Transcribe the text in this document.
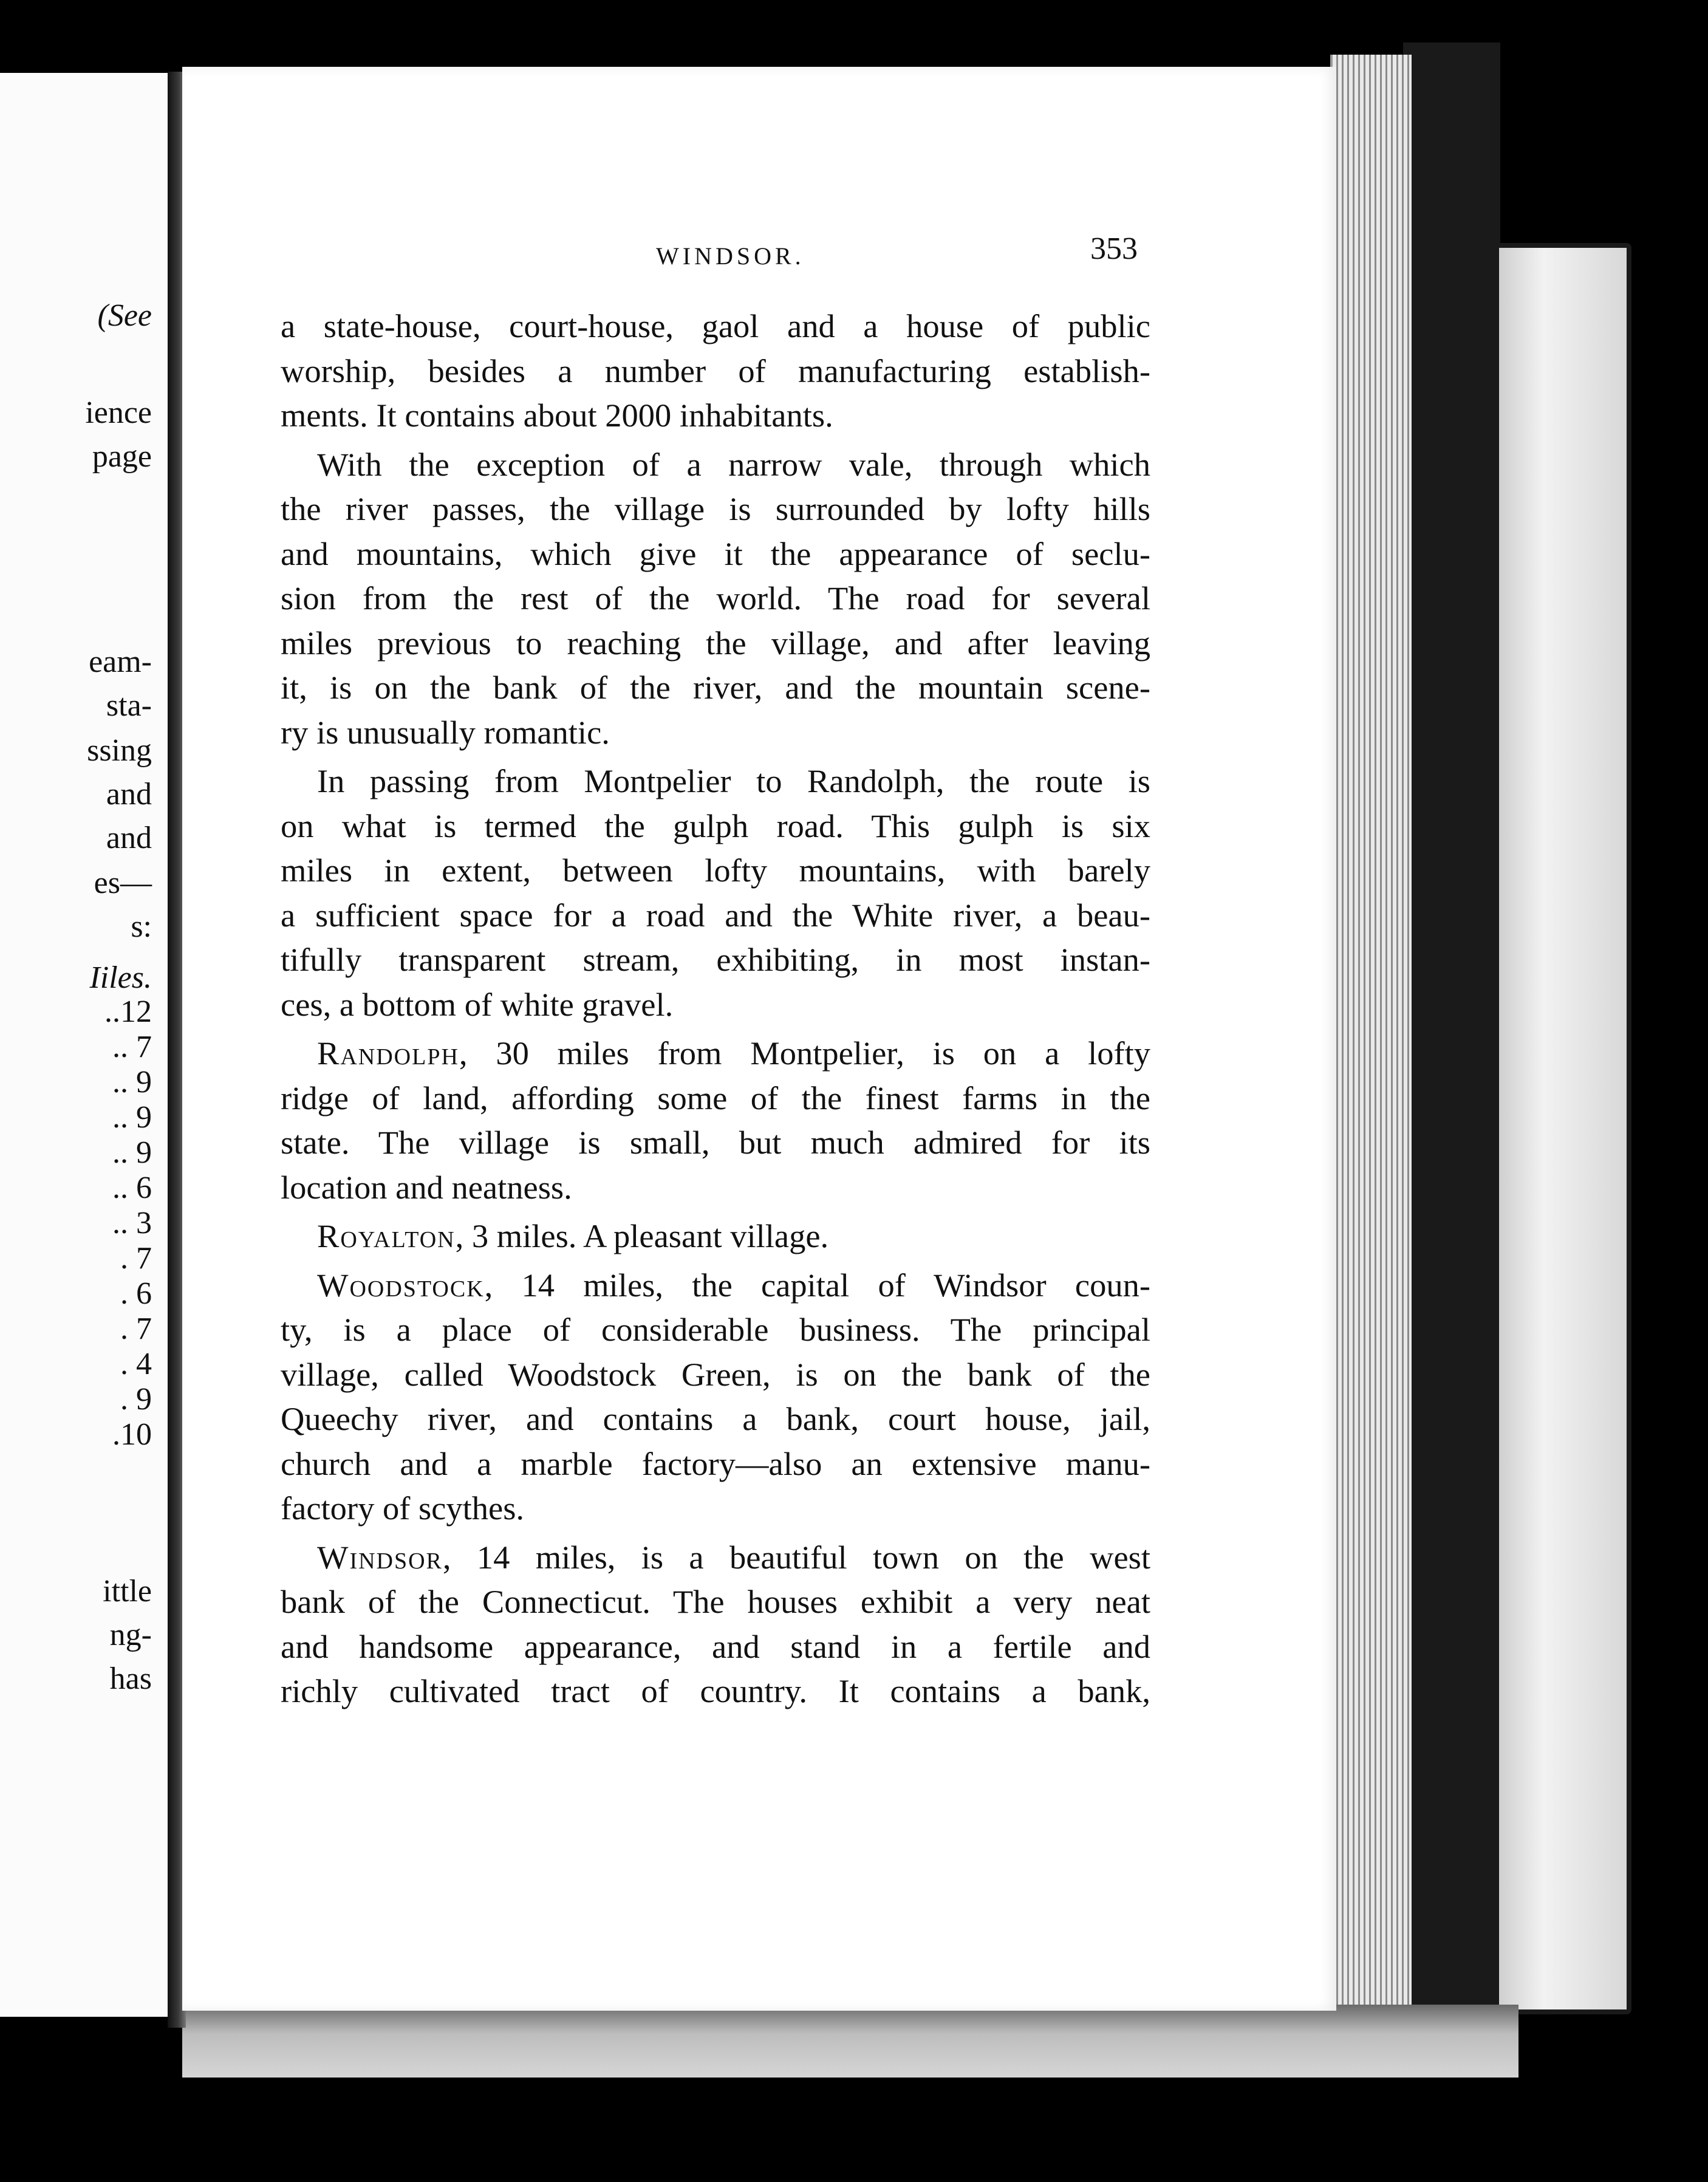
(See
ience
page
eam-
sta-
ssing
and
and
es—
s:
Iiles.
..12
.. 7
.. 9
.. 9
.. 9
.. 6
.. 3
. 7
. 6
. 7
. 4
. 9
.10
ittle
ng-
has
WINDSOR.	353
a state-house, court-house, gaol and a house of public
worship, besides a number of manufacturing establish-
ments. It contains about 2000 inhabitants.
With the exception of a narrow vale, through which
the river passes, the village is surrounded by lofty hills
and mountains, which give it the appearance of seclu-
sion from the rest of the world. The road for several
miles previous to reaching the village, and after leaving
it, is on the bank of the river, and the mountain scene-
ry is unusually romantic.
In passing from Montpelier to Randolph, the route is
on what is termed the gulph road. This gulph is six
miles in extent, between lofty mountains, with barely
a sufficient space for a road and the White river, a beau-
tifully transparent stream, exhibiting, in most instan-
ces, a bottom of white gravel.
Randolph, 30 miles from Montpelier, is on a lofty
ridge of land, affording some of the finest farms in the
state. The village is small, but much admired for its
location and neatness.
Royalton, 3 miles. A pleasant village.
Woodstock, 14 miles, the capital of Windsor coun-
ty, is a place of considerable business. The principal
village, called Woodstock Green, is on the bank of the
Queechy river, and contains a bank, court house, jail,
church and a marble factory—also an extensive manu-
factory of scythes.
Windsor, 14 miles, is a beautiful town on the west
bank of the Connecticut. The houses exhibit a very neat
and handsome appearance, and stand in a fertile and
richly cultivated tract of country. It contains a bank,
